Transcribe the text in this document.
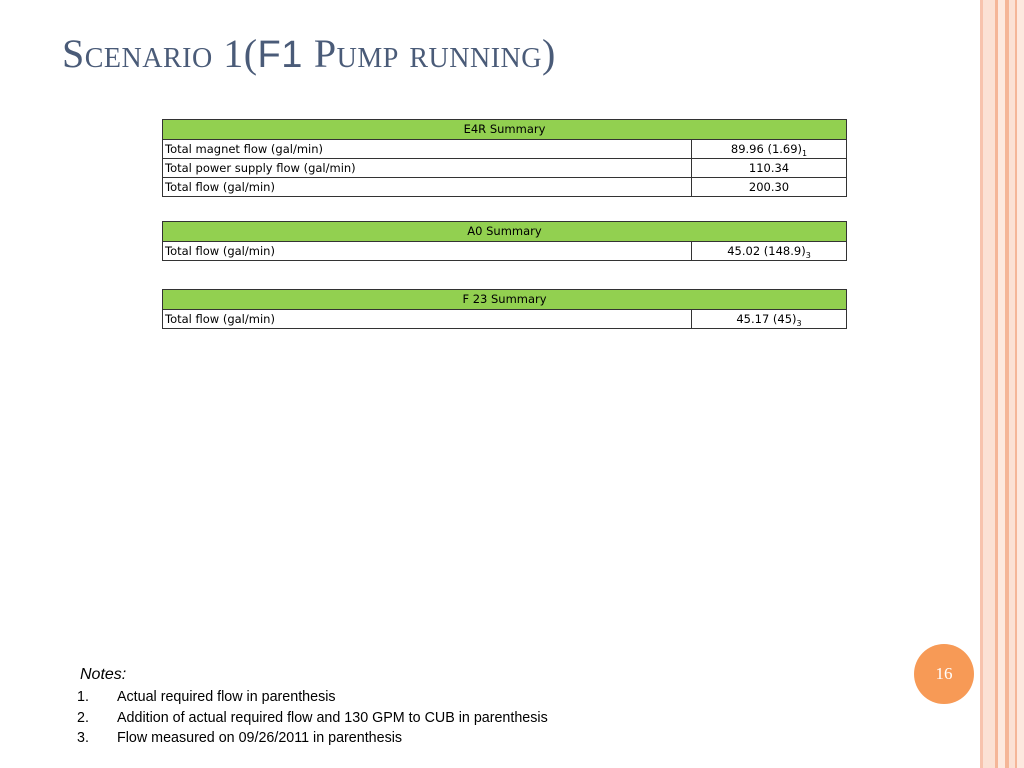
Scenario 1(F1 Pump running)
E4R Summary	
Total magnet flow (gal/min)	89.96 $(1.69)_1$
Total power supply flow (gal/min)	110.34
Total flow (gal/min)	200.30
A0 Summary
Total flow (gal/min)	45.02 $(148.9)_3$
F 23 Summary
Total flow (gal/min)	45.17 $(45)_3$
16
Notes:
1.	Actual required flow in parenthesis
2.	Addition of actual required flow and 130 GPM to CUB in parenthesis
3.	Flow measured on 09/26/2011 in parenthesis
